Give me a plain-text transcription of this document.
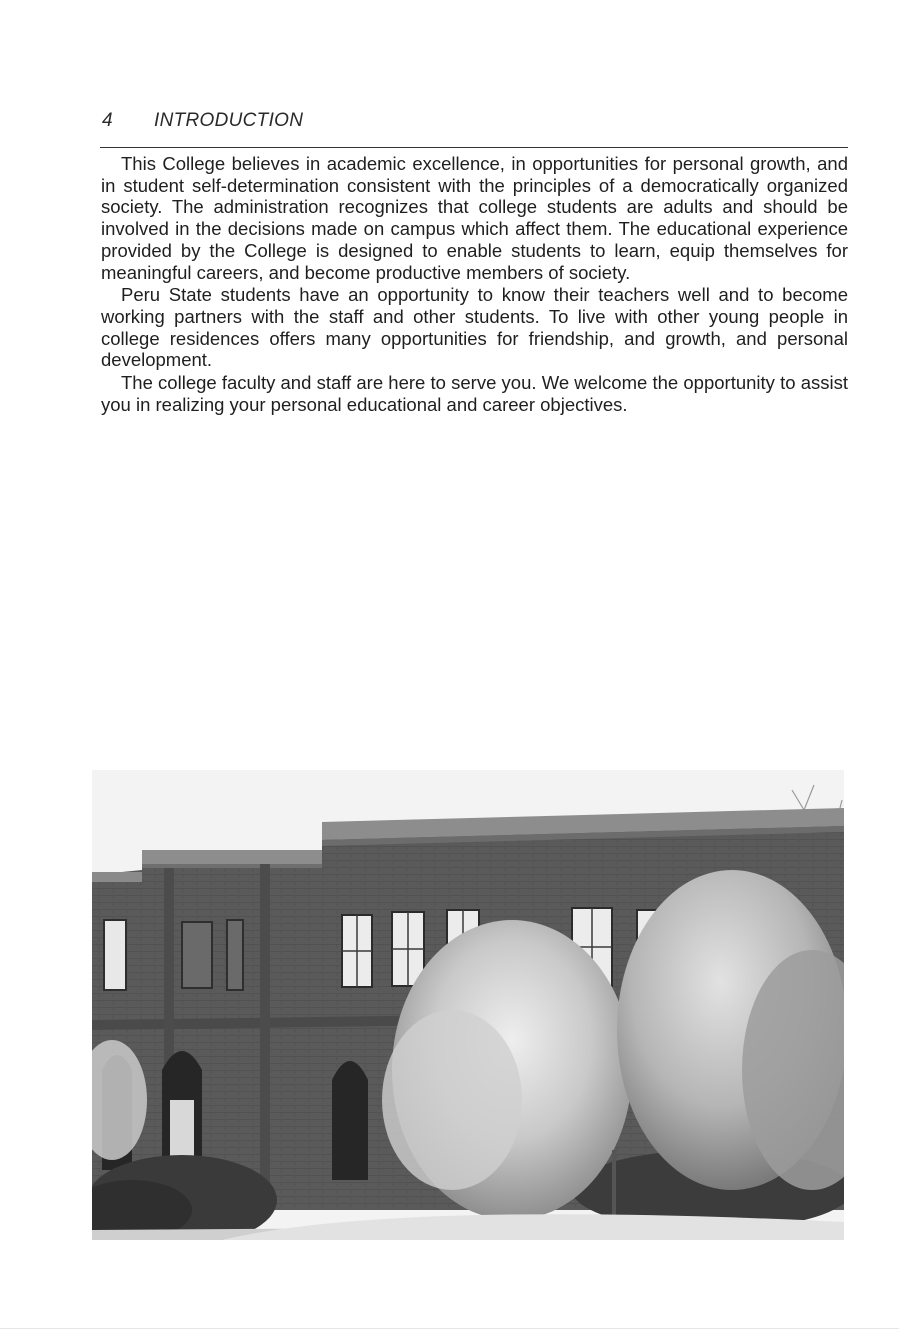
4 INTRODUCTION

This College believes in academic excellence, in opportunities for personal growth, and in student self-determination consistent with the principles of a democratically organized society. The administration recognizes that college students are adults and should be involved in the decisions made on campus which affect them. The educational experience provided by the College is designed to enable students to learn, equip themselves for meaningful careers, and become productive members of society.

Peru State students have an opportunity to know their teachers well and to become working partners with the staff and other students. To live with other young people in college residences offers many opportunities for friendship, and growth, and personal development.

The college faculty and staff are here to serve you. We welcome the opportunity to assist you in realizing your personal educational and career objectives.
